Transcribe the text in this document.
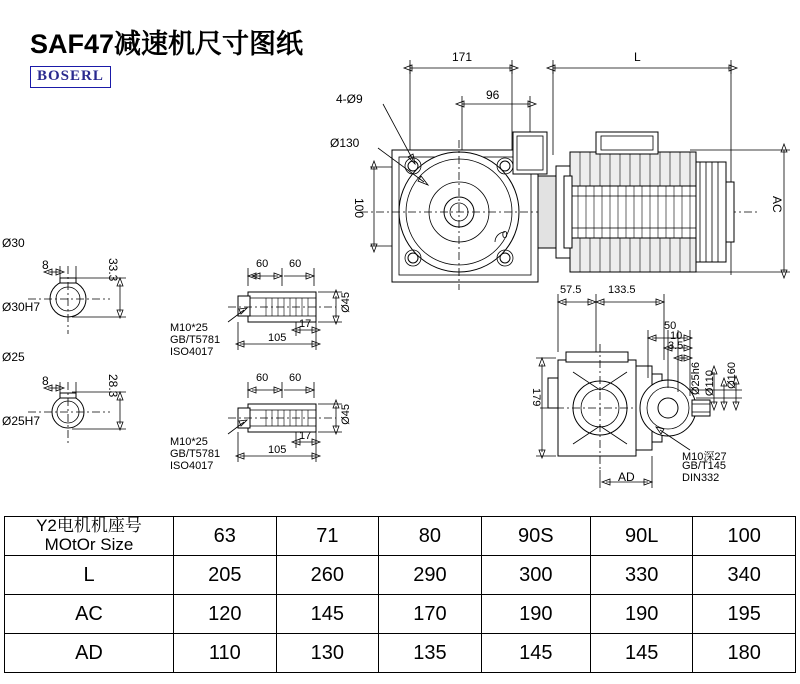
SAF47减速机尺寸图纸
BOSERL
171	L
4-Ø9	96
Ø130
100	AC
0
Ø30
Ø30H7
8	33.3
Ø25
Ø25H7
8	28.3
60 60
17
105
Ø45
M10*25
GB/T5781
ISO4017
60 60
17
105
Ø45
M10*25
GB/T5781
ISO4017
57.5 133.5
179
50
10
3.5
Ø25h6 Ø110 Ø160
AD
M10深27
GB/T145
DIN332
Y2电机机座号
MOtOr Size	63	71	80	90S	90L	100
L	205	260	290	300	330	340
AC	120	145	170	190	190	195
AD	110	130	135	145	145	180
